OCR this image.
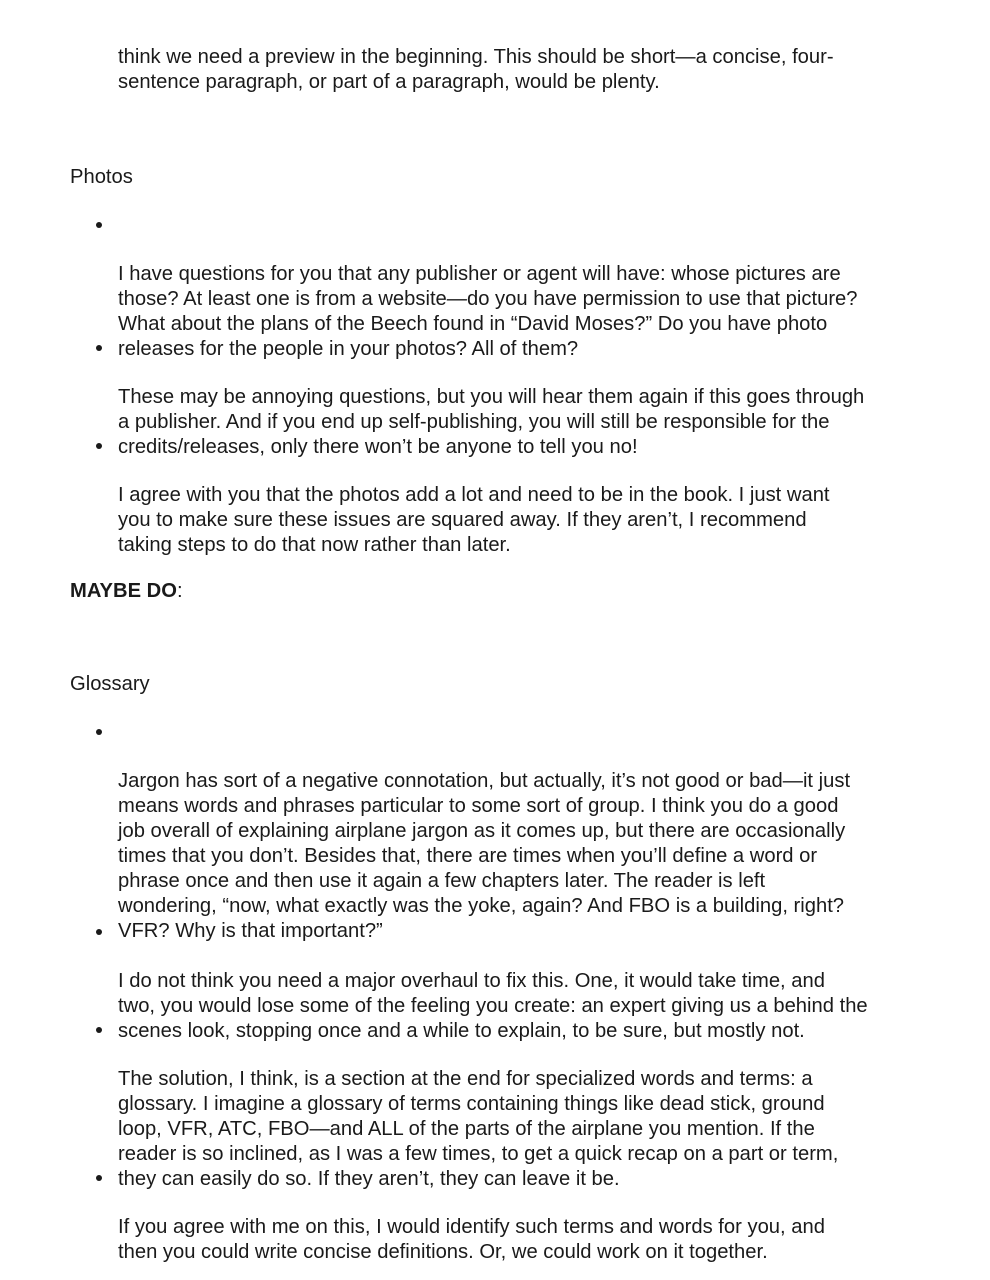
think we need a preview in the beginning. This should be short—a concise, four-
sentence paragraph, or part of a paragraph, would be plenty.

Photos

I have questions for you that any publisher or agent will have: whose pictures are
those? At least one is from a website—do you have permission to use that picture?
What about the plans of the Beech found in “David Moses?” Do you have photo
releases for the people in your photos? All of them?

These may be annoying questions, but you will hear them again if this goes through
a publisher. And if you end up self-publishing, you will still be responsible for the
credits/releases, only there won’t be anyone to tell you no!

I agree with you that the photos add a lot and need to be in the book. I just want
you to make sure these issues are squared away. If they aren’t, I recommend
taking steps to do that now rather than later.

MAYBE DO:

Glossary

Jargon has sort of a negative connotation, but actually, it’s not good or bad—it just
means words and phrases particular to some sort of group. I think you do a good
job overall of explaining airplane jargon as it comes up, but there are occasionally
times that you don’t. Besides that, there are times when you’ll define a word or
phrase once and then use it again a few chapters later. The reader is left
wondering, “now, what exactly was the yoke, again? And FBO is a building, right?
VFR? Why is that important?”

I do not think you need a major overhaul to fix this. One, it would take time, and
two, you would lose some of the feeling you create: an expert giving us a behind the
scenes look, stopping once and a while to explain, to be sure, but mostly not.

The solution, I think, is a section at the end for specialized words and terms: a
glossary. I imagine a glossary of terms containing things like dead stick, ground
loop, VFR, ATC, FBO—and ALL of the parts of the airplane you mention. If the
reader is so inclined, as I was a few times, to get a quick recap on a part or term,
they can easily do so. If they aren’t, they can leave it be.

If you agree with me on this, I would identify such terms and words for you, and
then you could write concise definitions. Or, we could work on it together.
